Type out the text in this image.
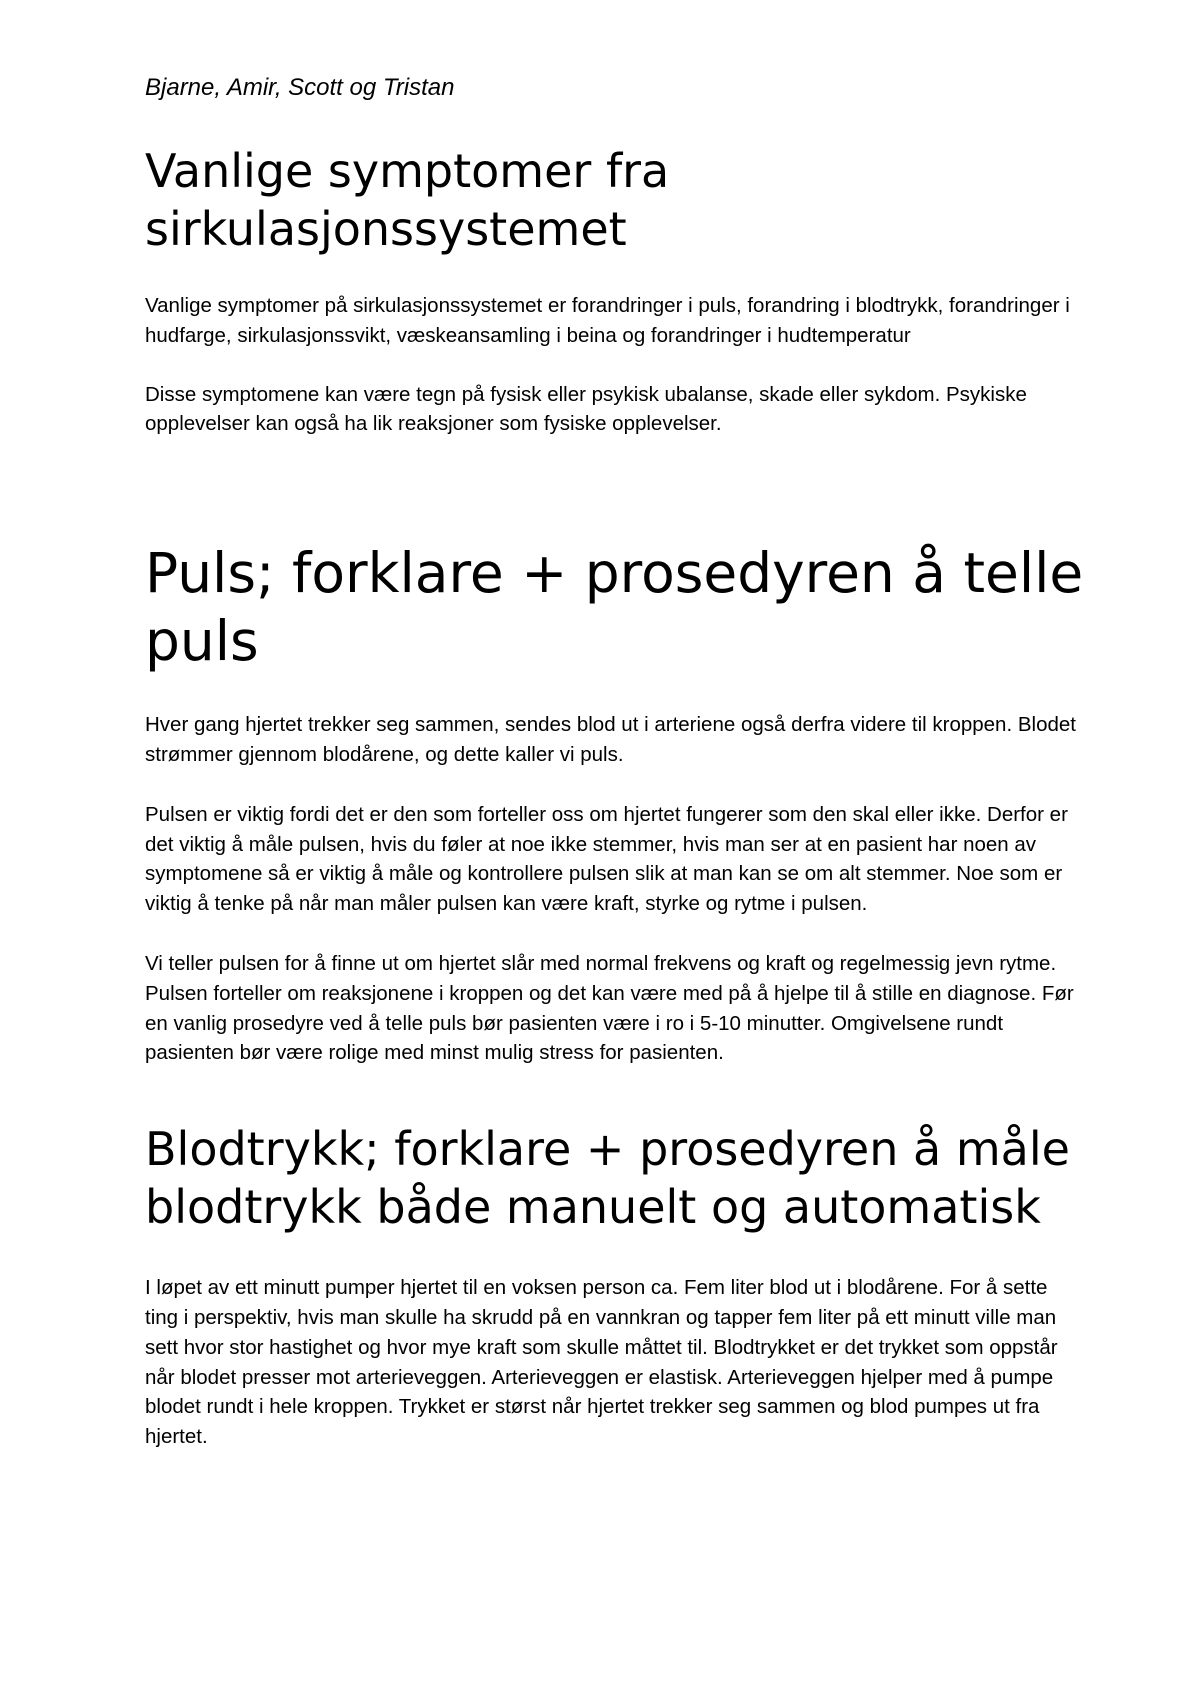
Bjarne, Amir, Scott og Tristan
Vanlige symptomer fra sirkulasjonssystemet

Vanlige symptomer på sirkulasjonssystemet er forandringer i puls, forandring i blodtrykk, forandringer i hudfarge, sirkulasjonssvikt, væskeansamling i beina og forandringer i hudtemperatur

Disse symptomene kan være tegn på fysisk eller psykisk ubalanse, skade eller sykdom. Psykiske opplevelser kan også ha lik reaksjoner som fysiske opplevelser.

Puls; forklare + prosedyren å telle puls

Hver gang hjertet trekker seg sammen, sendes blod ut i arteriene også derfra videre til kroppen. Blodet strømmer gjennom blodårene, og dette kaller vi puls.

Pulsen er viktig fordi det er den som forteller oss om hjertet fungerer som den skal eller ikke. Derfor er det viktig å måle pulsen, hvis du føler at noe ikke stemmer, hvis man ser at en pasient har noen av symptomene så er viktig å måle og kontrollere pulsen slik at man kan se om alt stemmer. Noe som er viktig å tenke på når man måler pulsen kan være kraft, styrke og rytme i pulsen.

Vi teller pulsen for å finne ut om hjertet slår med normal frekvens og kraft og regelmessig jevn rytme. Pulsen forteller om reaksjonene i kroppen og det kan være med på å hjelpe til å stille en diagnose. Før en vanlig prosedyre ved å telle puls bør pasienten være i ro i 5-10 minutter. Omgivelsene rundt pasienten bør være rolige med minst mulig stress for pasienten.

Blodtrykk; forklare + prosedyren å måle blodtrykk både manuelt og automatisk

I løpet av ett minutt pumper hjertet til en voksen person ca. Fem liter blod ut i blodårene. For å sette ting i perspektiv, hvis man skulle ha skrudd på en vannkran og tapper fem liter på ett minutt ville man sett hvor stor hastighet og hvor mye kraft som skulle måttet til. Blodtrykket er det trykket som oppstår når blodet presser mot arterieveggen. Arterieveggen er elastisk. Arterieveggen hjelper med å pumpe blodet rundt i hele kroppen. Trykket er størst når hjertet trekker seg sammen og blod pumpes ut fra hjertet.
